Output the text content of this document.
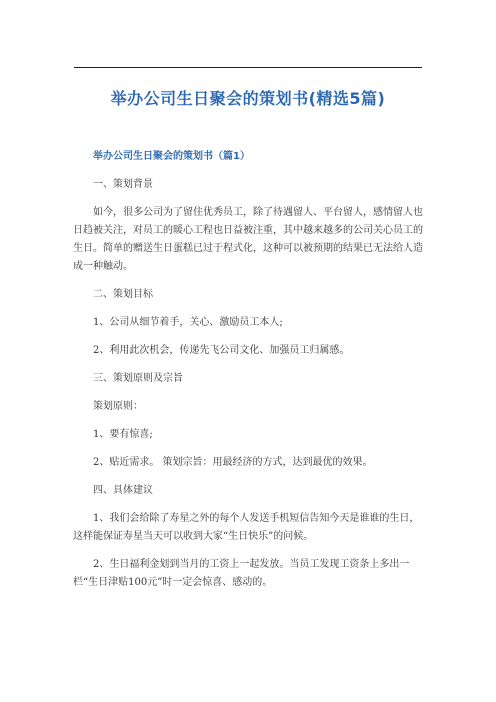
举办公司生日聚会的策划书(精选5篇)
举办公司生日聚会的策划书（篇1）
一、策划背景
如今，很多公司为了留住优秀员工，除了待遇留人、平台留人，感情留人也日趋被关注，对员工的暖心工程也日益被注重，其中越来越多的公司关心员工的生日。简单的赠送生日蛋糕已过于程式化，这种可以被预期的结果已无法给人造成一种触动。
二、策划目标
1、公司从细节着手，关心、激励员工本人;
2、利用此次机会，传递先飞公司文化、加强员工归属感。
三、策划原则及宗旨
策划原则：
1、要有惊喜;
2、贴近需求。 策划宗旨：用最经济的方式，达到最优的效果。
四、具体建议
1、我们会给除了寿星之外的每个人发送手机短信告知今天是谁谁的生日，这样能保证寿星当天可以收到大家“生日快乐”的问候。
2、生日福利金划到当月的工资上一起发放。当员工发现工资条上多出一栏“生日津贴100元”时一定会惊喜、感动的。
